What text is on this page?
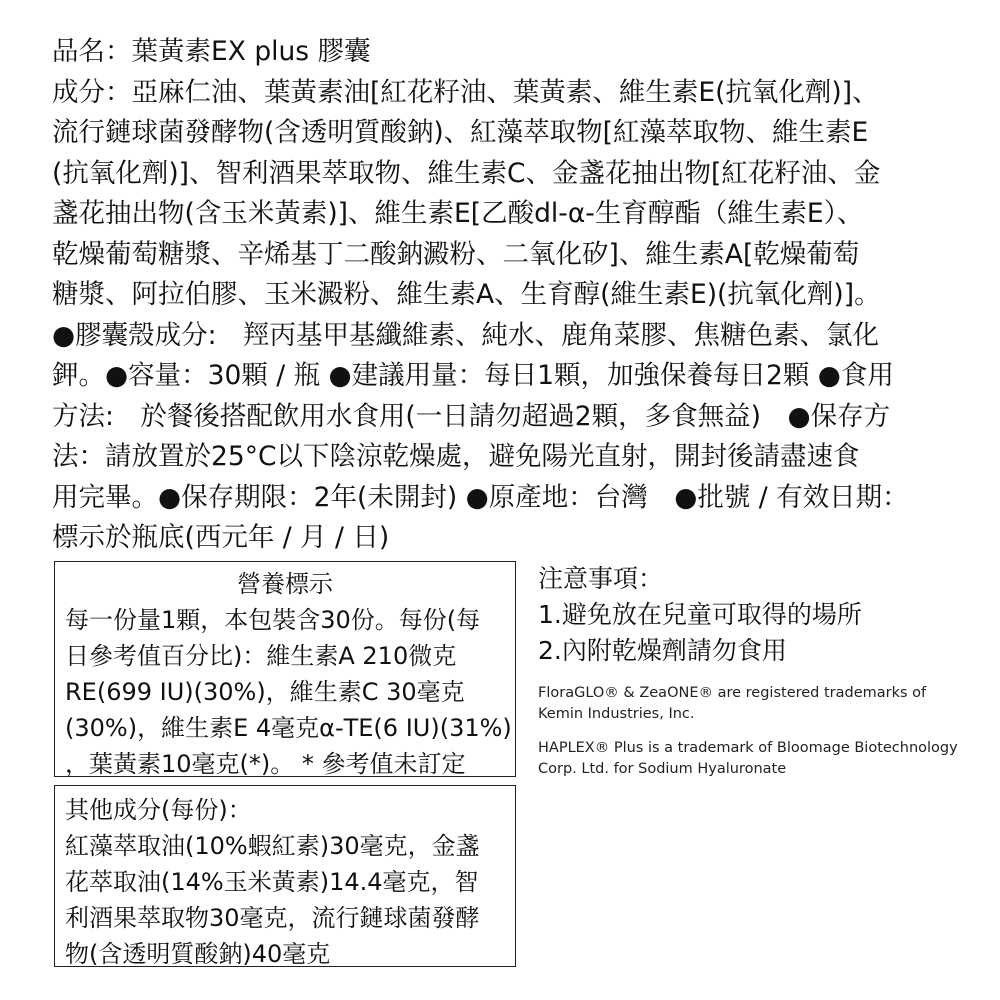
品名：葉黃素EX plus 膠囊
成分：亞麻仁油、葉黃素油[紅花籽油、葉黃素、維生素E(抗氧化劑)]、
流行鏈球菌發酵物(含透明質酸鈉)、紅藻萃取物[紅藻萃取物、維生素E
(抗氧化劑)]、智利酒果萃取物、維生素C、金盞花抽出物[紅花籽油、金
盞花抽出物(含玉米黃素)]、維生素E[乙酸dl-α-生育醇酯（維生素E）、
乾燥葡萄糖漿、辛烯基丁二酸鈉澱粉、二氧化矽]、維生素A[乾燥葡萄
糖漿、阿拉伯膠、玉米澱粉、維生素A、生育醇(維生素E)(抗氧化劑)]。
●膠囊殼成分:　羥丙基甲基纖維素、純水、鹿角菜膠、焦糖色素、氯化
鉀。●容量：30顆 / 瓶 ●建議用量：每日1顆，加強保養每日2顆 ●食用
方法:　於餐後搭配飲用水食用(一日請勿超過2顆，多食無益)　●保存方
法：請放置於25°C以下陰涼乾燥處，避免陽光直射，開封後請盡速食
用完畢。●保存期限：2年(未開封) ●原產地：台灣　●批號 / 有效日期：
標示於瓶底(西元年 / 月 / 日)
營養標示
每一份量1顆，本包裝含30份。每份(每
日參考值百分比)：維生素A 210微克
RE(699 IU)(30%)，維生素C 30毫克
(30%)，維生素E 4毫克α-TE(6 IU)(31%)
，葉黃素10毫克(*)。 * 參考值未訂定
其他成分(每份)：
紅藻萃取油(10%蝦紅素)30毫克，金盞
花萃取油(14%玉米黃素)14.4毫克，智
利酒果萃取物30毫克，流行鏈球菌發酵
物(含透明質酸鈉)40毫克
注意事項：
1.避免放在兒童可取得的場所
2.內附乾燥劑請勿食用
FloraGLO® & ZeaONE® are registered trademarks of
Kemin Industries, Inc.
HAPLEX® Plus is a trademark of Bloomage Biotechnology
Corp. Ltd. for Sodium Hyaluronate
